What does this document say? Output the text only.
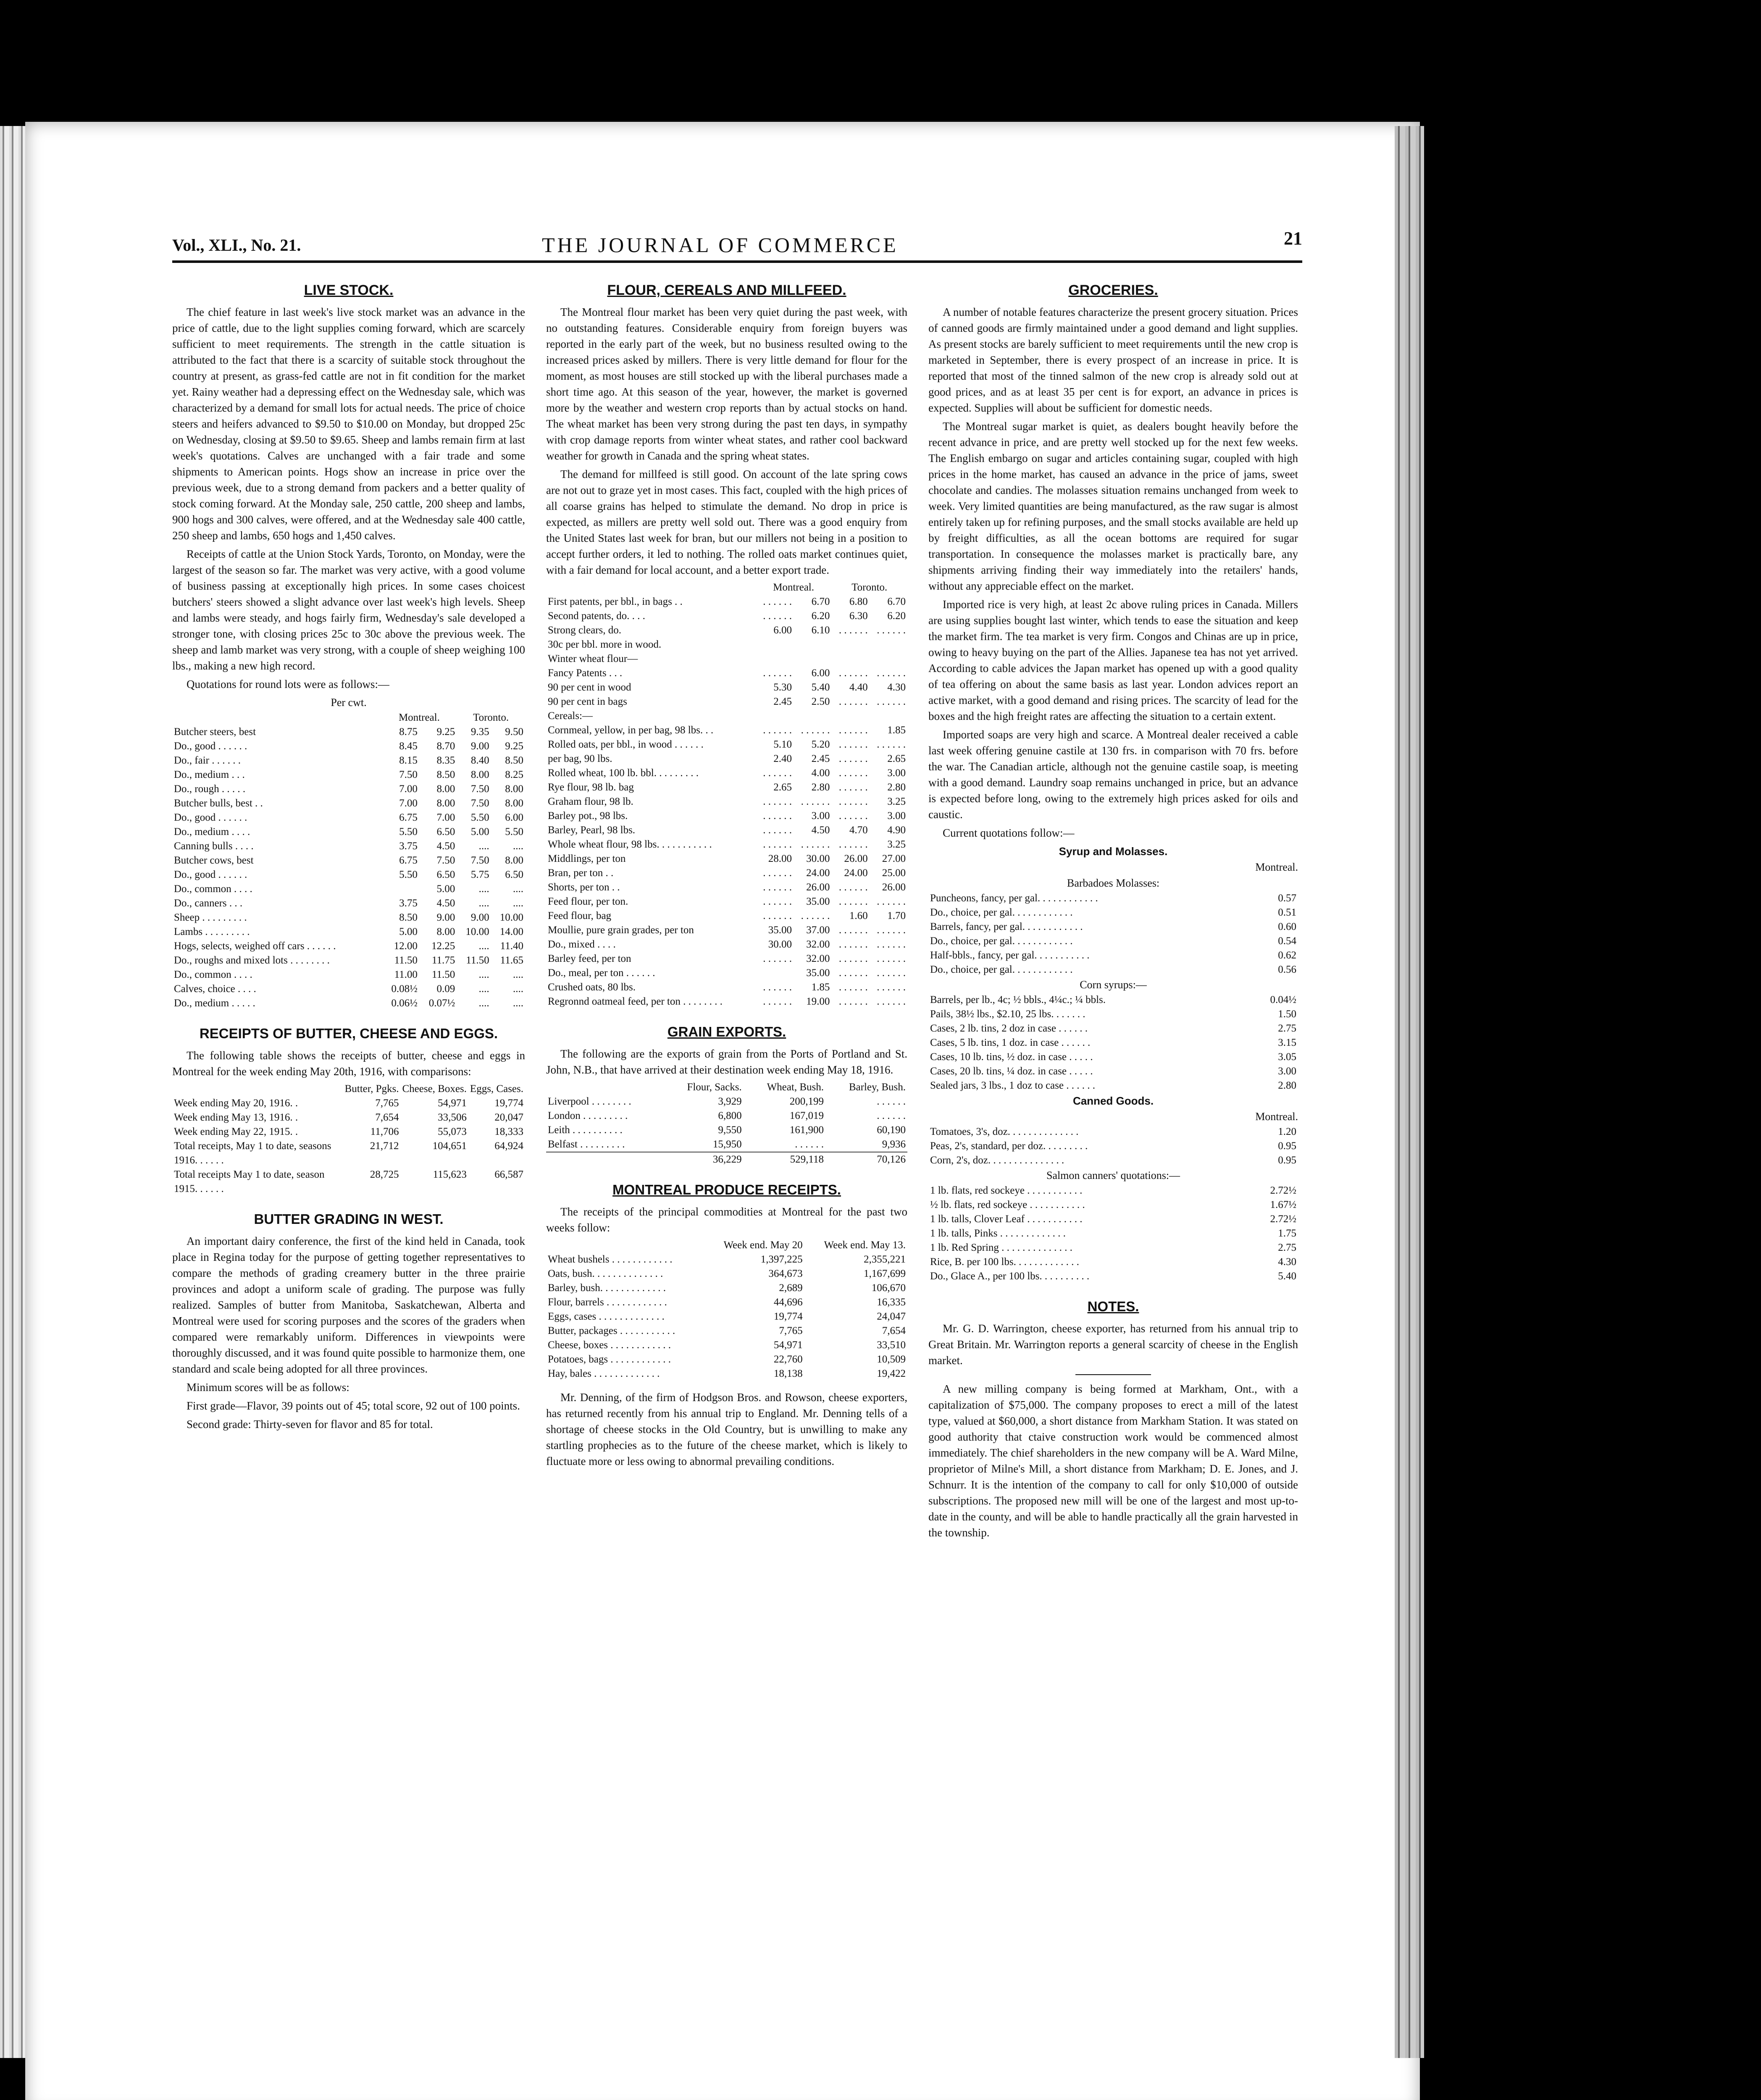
Vol., XLI., No. 21.	THE JOURNAL OF COMMERCE	21
LIVE STOCK.

The chief feature in last week's live stock market was an advance in the price of cattle, due to the light supplies coming forward, which are scarcely sufficient to meet requirements. The strength in the cattle situation is attributed to the fact that there is a scarcity of suitable stock throughout the country at present, as grass-fed cattle are not in fit condition for the market yet. Rainy weather had a depressing effect on the Wednesday sale, which was characterized by a demand for small lots for actual needs. The price of choice steers and heifers advanced to $9.50 to $10.00 on Monday, but dropped 25c on Wednesday, closing at $9.50 to $9.65. Sheep and lambs remain firm at last week's quotations. Calves are unchanged with a fair trade and some shipments to American points. Hogs show an increase in price over the previous week, due to a strong demand from packers and a better quality of stock coming forward. At the Monday sale, 250 cattle, 200 sheep and lambs, 900 hogs and 300 calves, were offered, and at the Wednesday sale 400 cattle, 250 sheep and lambs, 650 hogs and 1,450 calves.

Receipts of cattle at the Union Stock Yards, Toronto, on Monday, were the largest of the season so far. The market was very active, with a good volume of business passing at exceptionally high prices. In some cases choicest butchers' steers showed a slight advance over last week's high levels. Sheep and lambs were steady, and hogs fairly firm, Wednesday's sale developed a stronger tone, with closing prices 25c to 30c above the previous week. The sheep and lamb market was very strong, with a couple of sheep weighing 100 lbs., making a new high record.

Quotations for round lots were as follows:—

Per cwt.
	Montreal.		Toronto.	
Butcher steers, best	8.75	9.25	9.35	9.50
Do., good . . . . . .	8.45	8.70	9.00	9.25
Do., fair . . . . . .	8.15	8.35	8.40	8.50
Do., medium . . .	7.50	8.50	8.00	8.25
Do., rough . . . . .	7.00	8.00	7.50	8.00
Butcher bulls, best . .	7.00	8.00	7.50	8.00
Do., good . . . . . .	6.75	7.00	5.50	6.00
Do., medium . . . .	5.50	6.50	5.00	5.50
Canning bulls . . . .	3.75	4.50	....	....
Butcher cows, best	6.75	7.50	7.50	8.00
Do., good . . . . . .	5.50	6.50	5.75	6.50
Do., common . . . .		5.00	....	....
Do., canners . . .	3.75	4.50	....	....
Sheep . . . . . . . . .	8.50	9.00	9.00	10.00
Lambs . . . . . . . . .	5.00	8.00	10.00	14.00
Hogs, selects, weighed off cars . . . . . .	12.00	12.25	....	11.40
Do., roughs and mixed lots . . . . . . . .	11.50	11.75	11.50	11.65
Do., common . . . .	11.00	11.50	....	....
Calves, choice . . . .	0.08½	0.09	....	....
Do., medium . . . . .	0.06½	0.07½	....	....
RECEIPTS OF BUTTER, CHEESE AND EGGS.

The following table shows the receipts of butter, cheese and eggs in Montreal for the week ending May 20th, 1916, with comparisons:

	Butter, Pgks.	Cheese, Boxes.	Eggs, Cases.
Week ending May 20, 1916. .	7,765	54,971	19,774
Week ending May 13, 1916. .	7,654	33,506	20,047
Week ending May 22, 1915. .	11,706	55,073	18,333
Total receipts, May 1 to date, seasons 1916. . . . . .	21,712	104,651	64,924
Total receipts May 1 to date, season 1915. . . . . .	28,725	115,623	66,587
BUTTER GRADING IN WEST.

An important dairy conference, the first of the kind held in Canada, took place in Regina today for the purpose of getting together representatives to compare the methods of grading creamery butter in the three prairie provinces and adopt a uniform scale of grading. The purpose was fully realized. Samples of butter from Manitoba, Saskatchewan, Alberta and Montreal were used for scoring purposes and the scores of the graders when compared were remarkably uniform. Differences in viewpoints were thoroughly discussed, and it was found quite possible to harmonize them, one standard and scale being adopted for all three provinces.

Minimum scores will be as follows:

First grade—Flavor, 39 points out of 45; total score, 92 out of 100 points.

Second grade: Thirty-seven for flavor and 85 for total.

FLOUR, CEREALS AND MILLFEED.

The Montreal flour market has been very quiet during the past week, with no outstanding features. Considerable enquiry from foreign buyers was reported in the early part of the week, but no business resulted owing to the increased prices asked by millers. There is very little demand for flour for the moment, as most houses are still stocked up with the liberal purchases made a short time ago. At this season of the year, however, the market is governed more by the weather and western crop reports than by actual stocks on hand. The wheat market has been very strong during the past ten days, in sympathy with crop damage reports from winter wheat states, and rather cool backward weather for growth in Canada and the spring wheat states.

The demand for millfeed is still good. On account of the late spring cows are not out to graze yet in most cases. This fact, coupled with the high prices of all coarse grains has helped to stimulate the demand. No drop in price is expected, as millers are pretty well sold out. There was a good enquiry from the United States last week for bran, but our millers not being in a position to accept further orders, it led to nothing. The rolled oats market continues quiet, with a fair demand for local account, and a better export trade.

	Montreal.		Toronto.	
First patents, per bbl., in bags . .	. . . . . .	6.70	6.80	6.70
Second patents, do. . . .	. . . . . .	6.20	6.30	6.20
Strong clears, do.	6.00	6.10	. . . . . .	. . . . . .
30c per bbl. more in wood.				
Winter wheat flour—				
Fancy Patents . . .	. . . . . .	6.00	. . . . . .	. . . . . .
90 per cent in wood	5.30	5.40	4.40	4.30
90 per cent in bags	2.45	2.50	. . . . . .	. . . . . .
Cereals:—				
Cornmeal, yellow, in per bag, 98 lbs. . .	. . . . . .	. . . . . .	. . . . . .	1.85
Rolled oats, per bbl., in wood . . . . . .	5.10	5.20	. . . . . .	. . . . . .
per bag, 90 lbs.	2.40	2.45	. . . . . .	2.65
Rolled wheat, 100 lb. bbl. . . . . . . . .	. . . . . .	4.00	. . . . . .	3.00
Rye flour, 98 lb. bag	2.65	2.80	. . . . . .	2.80
Graham flour, 98 lb.	. . . . . .	. . . . . .	. . . . . .	3.25
Barley pot., 98 lbs.	. . . . . .	3.00	. . . . . .	3.00
Barley, Pearl, 98 lbs.	. . . . . .	4.50	4.70	4.90
Whole wheat flour, 98 lbs. . . . . . . . . . .	. . . . . .	. . . . . .	. . . . . .	3.25
Middlings, per ton	28.00	30.00	26.00	27.00
Bran, per ton . .	. . . . . .	24.00	24.00	25.00
Shorts, per ton . .	. . . . . .	26.00	. . . . . .	26.00
Feed flour, per ton.	. . . . . .	35.00	. . . . . .	. . . . . .
Feed flour, bag	. . . . . .	. . . . . .	1.60	1.70
Moullie, pure grain grades, per ton	35.00	37.00	. . . . . .	. . . . . .
Do., mixed . . . .	30.00	32.00	. . . . . .	. . . . . .
Barley feed, per ton	. . . . . .	32.00	. . . . . .	. . . . . .
Do., meal, per ton . . . . . .		35.00	. . . . . .	. . . . . .
Crushed oats, 80 lbs.	. . . . . .	1.85	. . . . . .	. . . . . .
Regronnd oatmeal feed, per ton . . . . . . . .	. . . . . .	19.00	. . . . . .	. . . . . .
GRAIN EXPORTS.

The following are the exports of grain from the Ports of Portland and St. John, N.B., that have arrived at their destination week ending May 18, 1916.

	Flour, Sacks.	Wheat, Bush.	Barley, Bush.
Liverpool . . . . . . . .	3,929	200,199	. . . . . .
London . . . . . . . . .	6,800	167,019	. . . . . .
Leith . . . . . . . . . .	9,550	161,900	60,190
Belfast . . . . . . . . .	15,950	. . . . . .	9,936
	36,229	529,118	70,126
MONTREAL PRODUCE RECEIPTS.

The receipts of the principal commodities at Montreal for the past two weeks follow:

	Week end. May 20	Week end. May 13.
Wheat bushels . . . . . . . . . . . .	1,397,225	2,355,221
Oats, bush. . . . . . . . . . . . . .	364,673	1,167,699
Barley, bush. . . . . . . . . . . . .	2,689	106,670
Flour, barrels . . . . . . . . . . . .	44,696	16,335
Eggs, cases . . . . . . . . . . . . .	19,774	24,047
Butter, packages . . . . . . . . . . .	7,765	7,654
Cheese, boxes . . . . . . . . . . . .	54,971	33,510
Potatoes, bags . . . . . . . . . . . .	22,760	10,509
Hay, bales . . . . . . . . . . . . .	18,138	19,422

Mr. Denning, of the firm of Hodgson Bros. and Rowson, cheese exporters, has returned recently from his annual trip to England. Mr. Denning tells of a shortage of cheese stocks in the Old Country, but is unwilling to make any startling prophecies as to the future of the cheese market, which is likely to fluctuate more or less owing to abnormal prevailing conditions.

GROCERIES.

A number of notable features characterize the present grocery situation. Prices of canned goods are firmly maintained under a good demand and light supplies. As present stocks are barely sufficient to meet requirements until the new crop is marketed in September, there is every prospect of an increase in price. It is reported that most of the tinned salmon of the new crop is already sold out at good prices, and as at least 35 per cent is for export, an advance in prices is expected. Supplies will about be sufficient for domestic needs.

The Montreal sugar market is quiet, as dealers bought heavily before the recent advance in price, and are pretty well stocked up for the next few weeks. The English embargo on sugar and articles containing sugar, coupled with high prices in the home market, has caused an advance in the price of jams, sweet chocolate and candies. The molasses situation remains unchanged from week to week. Very limited quantities are being manufactured, as the raw sugar is almost entirely taken up for refining purposes, and the small stocks available are held up by freight difficulties, as all the ocean bottoms are required for sugar transportation. In consequence the molasses market is practically bare, any shipments arriving finding their way immediately into the retailers' hands, without any appreciable effect on the market.

Imported rice is very high, at least 2c above ruling prices in Canada. Millers are using supplies bought last winter, which tends to ease the situation and keep the market firm. The tea market is very firm. Congos and Chinas are up in price, owing to heavy buying on the part of the Allies. Japanese tea has not yet arrived. According to cable advices the Japan market has opened up with a good quality of tea offering on about the same basis as last year. London advices report an active market, with a good demand and rising prices. The scarcity of lead for the boxes and the high freight rates are affecting the situation to a certain extent.

Imported soaps are very high and scarce. A Montreal dealer received a cable last week offering genuine castile at 130 frs. in comparison with 70 frs. before the war. The Canadian article, although not the genuine castile soap, is meeting with a good demand. Laundry soap remains unchanged in price, but an advance is expected before long, owing to the extremely high prices asked for oils and caustic.

Current quotations follow:—

Syrup and Molasses.
Montreal.
Barbadoes Molasses:
Puncheons, fancy, per gal. . . . . . . . . . . .	0.57
Do., choice, per gal. . . . . . . . . . . .	0.51
Barrels, fancy, per gal. . . . . . . . . . . .	0.60
Do., choice, per gal. . . . . . . . . . . .	0.54
Half-bbls., fancy, per gal. . . . . . . . . . .	0.62
Do., choice, per gal. . . . . . . . . . . .	0.56
Corn syrups:—
Barrels, per lb., 4c; ½ bbls., 4¼c.; ¼ bbls.	0.04½
Pails, 38½ lbs., $2.10, 25 lbs. . . . . . .	1.50
Cases, 2 lb. tins, 2 doz in case . . . . . .	2.75
Cases, 5 lb. tins, 1 doz. in case . . . . . .	3.15
Cases, 10 lb. tins, ½ doz. in case . . . . .	3.05
Cases, 20 lb. tins, ¼ doz. in case . . . . .	3.00
Sealed jars, 3 lbs., 1 doz to case . . . . . .	2.80
Canned Goods.
Montreal.
Tomatoes, 3's, doz. . . . . . . . . . . . . .	1.20
Peas, 2's, standard, per doz. . . . . . . . .	0.95
Corn, 2's, doz. . . . . . . . . . . . . . .	0.95
Salmon canners' quotations:—
1 lb. flats, red sockeye . . . . . . . . . . .	2.72½
½ lb. flats, red sockeye . . . . . . . . . . .	1.67½
1 lb. talls, Clover Leaf . . . . . . . . . . .	2.72½
1 lb. talls, Pinks . . . . . . . . . . . . .	1.75
1 lb. Red Spring . . . . . . . . . . . . . .	2.75
Rice, B. per 100 lbs. . . . . . . . . . . . .	4.30
Do., Glace A., per 100 lbs. . . . . . . . . .	5.40
NOTES.

Mr. G. D. Warrington, cheese exporter, has returned from his annual trip to Great Britain. Mr. Warrington reports a general scarcity of cheese in the English market.

A new milling company is being formed at Markham, Ont., with a capitalization of $75,000. The company proposes to erect a mill of the latest type, valued at $60,000, a short distance from Markham Station. It was stated on good authority that ctaive construction work would be commenced almost immediately. The chief shareholders in the new company will be A. Ward Milne, proprietor of Milne's Mill, a short distance from Markham; D. E. Jones, and J. Schnurr. It is the intention of the company to call for only $10,000 of outside subscriptions. The proposed new mill will be one of the largest and most up-to-date in the county, and will be able to handle practically all the grain harvested in the township.
